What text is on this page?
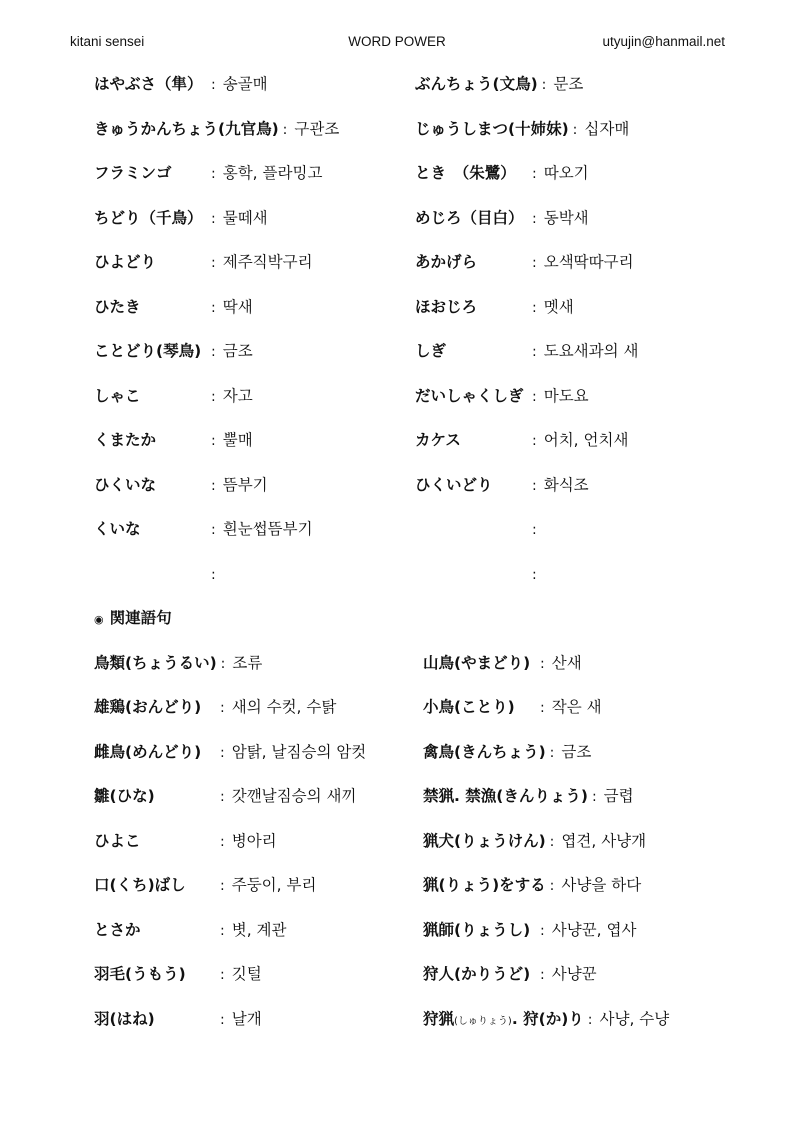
kitani sensei	WORD POWER	utyujin@hanmail.net
はやぶさ（隼） : 송골매	ぶんちょう(文鳥) : 문조
きゅうかんちょう(九官鳥) : 구관조	じゅうしまつ(十姉妹) : 십자매
フラミンゴ	: 홍학, 플라밍고	とき　（朱鷺） : 따오기
ちどり（千鳥） : 물떼새	めじろ（目白） : 동박새
ひよどり	: 제주직박구리	あかげら	: 오색딱따구리
ひたき	: 딱새	ほおじろ	: 멧새
ことどり(琴鳥) : 금조	しぎ	: 도요새과의 새
しゃこ	: 자고	だいしゃくしぎ : 마도요
くまたか	: 뿔매	カケス	: 어치, 언치새
ひくいな	: 뜸부기	ひくいどり	: 화식조
くいな	: 흰눈썹뜸부기	:
:	:
◉ 関連語句
鳥類(ちょうるい) : 조류	山鳥(やまどり) : 산새
雄鶏(おんどり) : 새의 수컷, 수탉	小鳥(ことり) : 작은 새
雌鳥(めんどり) : 암탉, 날짐승의 암컷	禽鳥(きんちょう) : 금조
雛(ひな)	: 갓깬날짐승의 새끼	禁猟. 禁漁(きんりょう) : 금렵
ひよこ	: 병아리	猟犬(りょうけん) : 엽견, 사냥개
口(くち)ばし : 주둥이, 부리	猟(りょう)をする : 사냥을 하다
とさか	: 볏, 계관	猟師(りょうし) : 사냥꾼, 엽사
羽毛(うもう) : 깃털	狩人(かりうど) : 사냥꾼
羽(はね)	: 날개	狩猟(しゅりょう). 狩(か)り : 사냥, 수냥
